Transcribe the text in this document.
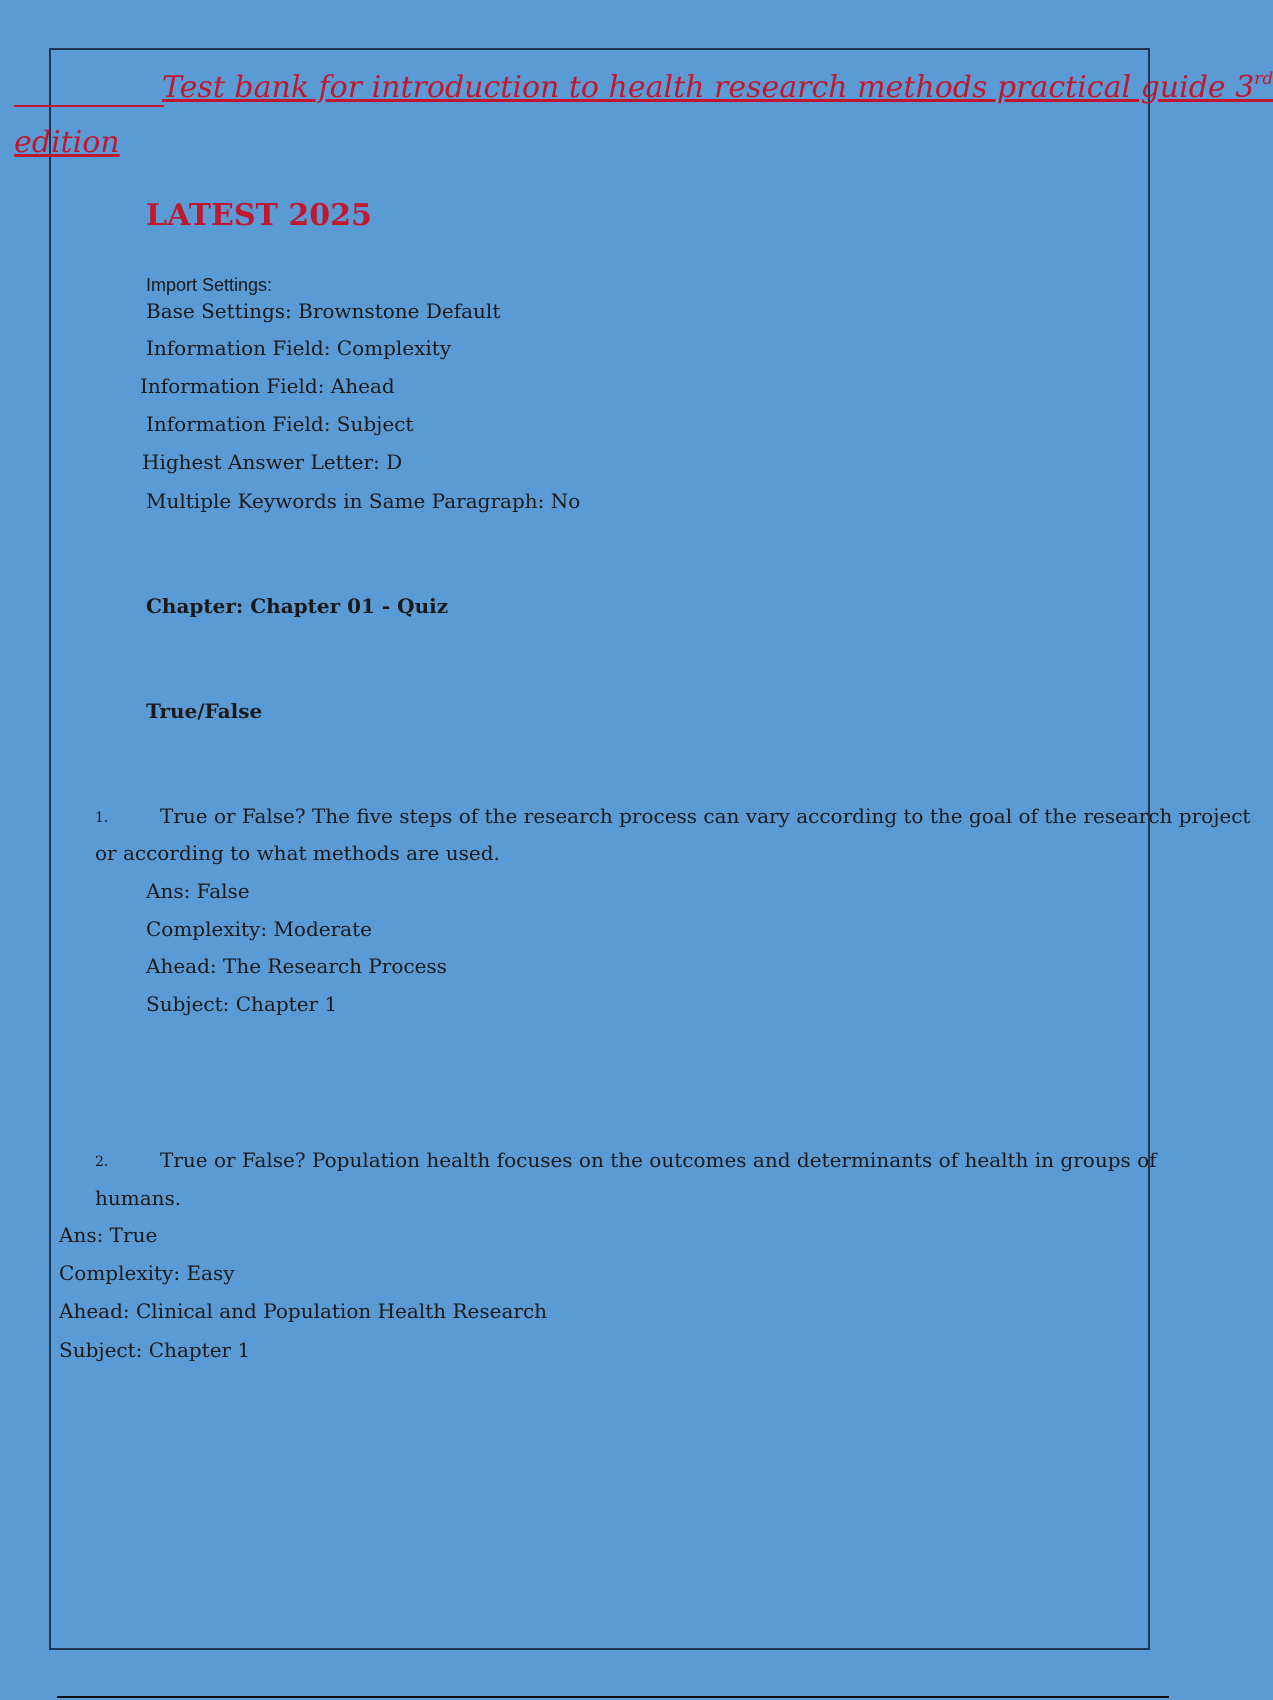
Test bank for introduction to health research methods practical guide 3rd
edition
LATEST 2025
Import Settings:
Base Settings: Brownstone Default
Information Field: Complexity
Information Field: Ahead
Information Field: Subject
Highest Answer Letter: D
Multiple Keywords in Same Paragraph: No
Chapter: Chapter 01 - Quiz
True/False
1.	True or False? The five steps of the research process can vary according to the goal of the research project
or according to what methods are used.
Ans: False
Complexity: Moderate
Ahead: The Research Process
Subject: Chapter 1
2.	True or False? Population health focuses on the outcomes and determinants of health in groups of
humans.
Ans: True
Complexity: Easy
Ahead: Clinical and Population Health Research
Subject: Chapter 1
